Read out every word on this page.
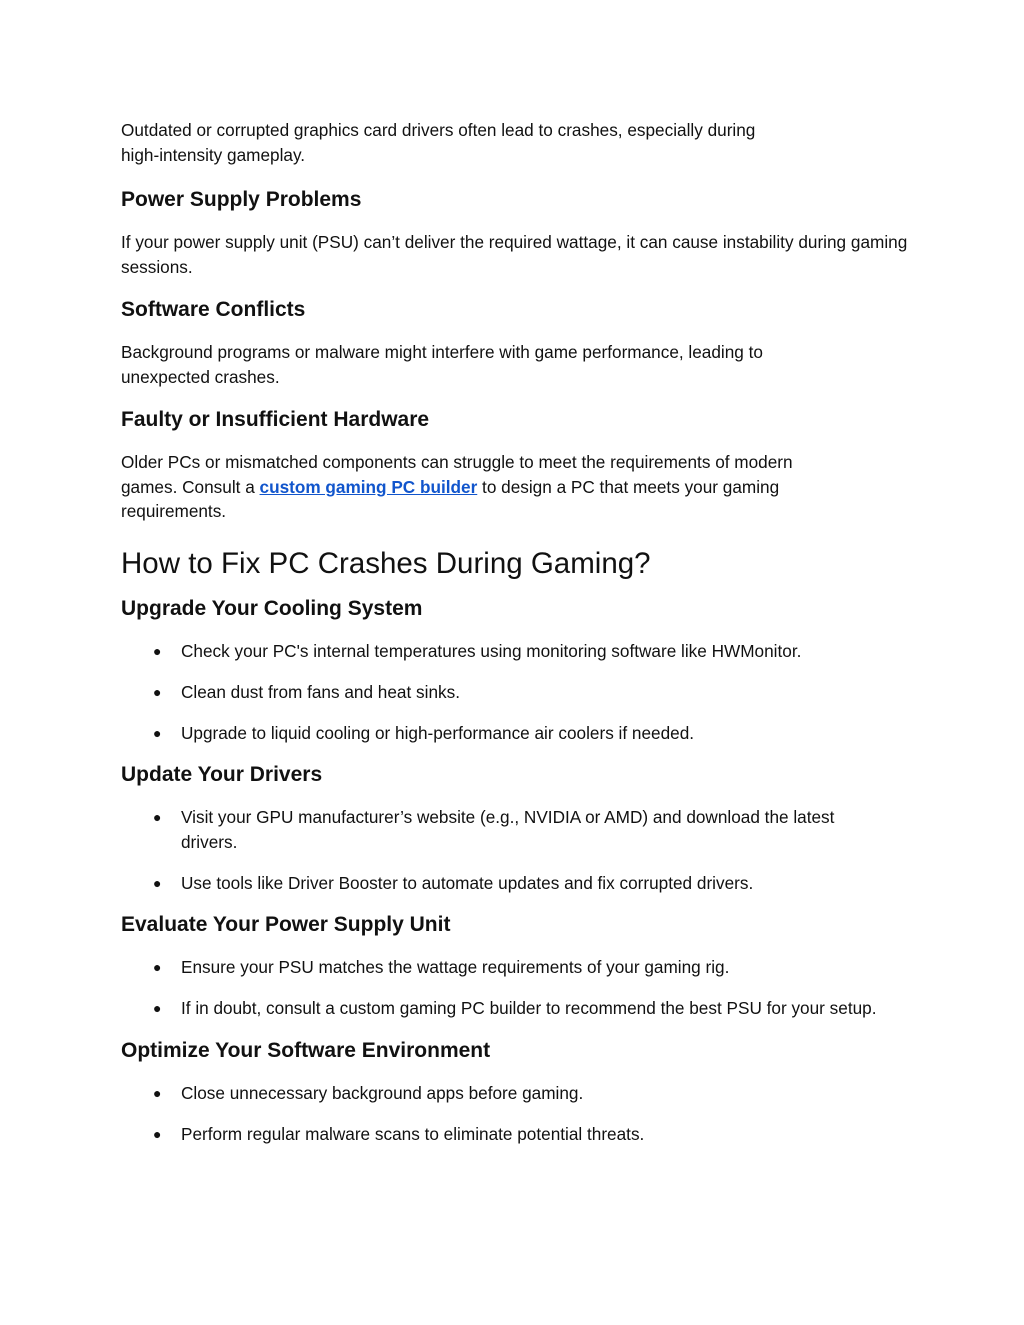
Outdated or corrupted graphics card drivers often lead to crashes, especially during
high-intensity gameplay.

Power Supply Problems

If your power supply unit (PSU) can’t deliver the required wattage, it can cause instability during gaming sessions.

Software Conflicts

Background programs or malware might interfere with game performance, leading to unexpected crashes.

Faulty or Insufficient Hardware

Older PCs or mismatched components can struggle to meet the requirements of modern games. Consult a custom gaming PC builder to design a PC that meets your gaming requirements.

How to Fix PC Crashes During Gaming?
Upgrade Your Cooling System
● Check your PC's internal temperatures using monitoring software like HWMonitor.
● Clean dust from fans and heat sinks.
● Upgrade to liquid cooling or high-performance air coolers if needed.
Update Your Drivers
● Visit your GPU manufacturer’s website (e.g., NVIDIA or AMD) and download the latest drivers.
● Use tools like Driver Booster to automate updates and fix corrupted drivers.
Evaluate Your Power Supply Unit
● Ensure your PSU matches the wattage requirements of your gaming rig.
● If in doubt, consult a custom gaming PC builder to recommend the best PSU for your setup.
Optimize Your Software Environment
● Close unnecessary background apps before gaming.
● Perform regular malware scans to eliminate potential threats.
